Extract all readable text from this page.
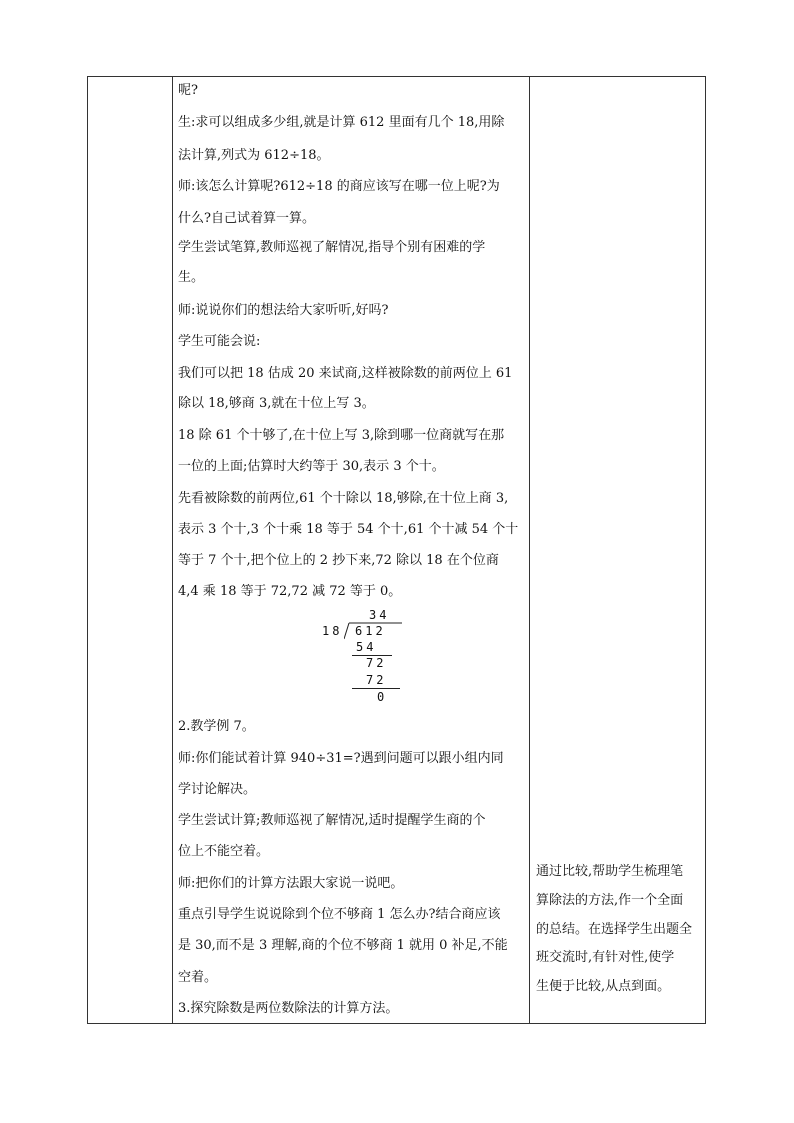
呢?
生:求可以组成多少组,就是计算 612 里面有几个 18,用除
法计算,列式为 612÷18。
师:该怎么计算呢?612÷18 的商应该写在哪一位上呢?为
什么?自己试着算一算。
学生尝试笔算,教师巡视了解情况,指导个别有困难的学
生。
师:说说你们的想法给大家听听,好吗?
学生可能会说:
我们可以把 18 估成 20 来试商,这样被除数的前两位上 61
除以 18,够商 3,就在十位上写 3。
18 除 61 个十够了,在十位上写 3,除到哪一位商就写在那
一位的上面;估算时大约等于 30,表示 3 个十。
先看被除数的前两位,61 个十除以 18,够除,在十位上商 3,
表示 3 个十,3 个十乘 18 等于 54 个十,61 个十减 54 个十
等于 7 个十,把个位上的 2 抄下来,72 除以 18 在个位商
4,4 乘 18 等于 72,72 减 72 等于 0。
34
18 612
54
72
72
0
2.教学例 7。
师:你们能试着计算 940÷31=?遇到问题可以跟小组内同
学讨论解决。
学生尝试计算;教师巡视了解情况,适时提醒学生商的个
位上不能空着。
师:把你们的计算方法跟大家说一说吧。
重点引导学生说说除到个位不够商 1 怎么办?结合商应该
是 30,而不是 3 理解,商的个位不够商 1 就用 0 补足,不能
空着。
3.探究除数是两位数除法的计算方法。
通过比较,帮助学生梳理笔
算除法的方法,作一个全面
的总结。在选择学生出题全
班交流时,有针对性,使学
生便于比较,从点到面。
